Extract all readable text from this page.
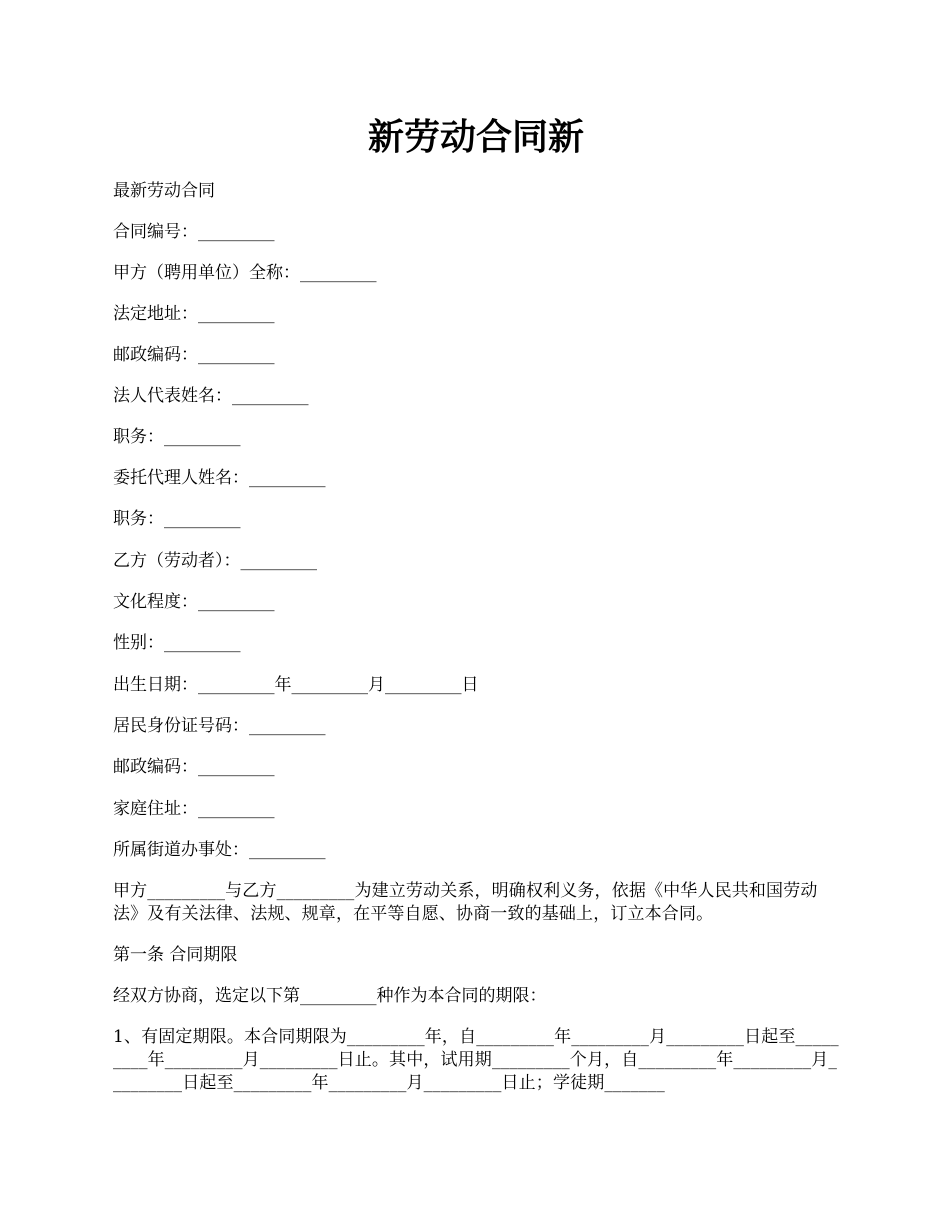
新劳动合同新

最新劳动合同

合同编号：_________

甲方（聘用单位）全称：_________

法定地址：_________

邮政编码：_________

法人代表姓名：_________

职务：_________

委托代理人姓名：_________

职务：_________

乙方（劳动者）：_________

文化程度：_________

性别：_________

出生日期：_________年_________月_________日

居民身份证号码：_________

邮政编码：_________

家庭住址：_________

所属街道办事处：_________

甲方_________与乙方_________为建立劳动关系，明确权利义务，依据《中华人民共和国劳动法》及有关法律、法规、规章，在平等自愿、协商一致的基础上，订立本合同。

第一条 合同期限

经双方协商，选定以下第_________种作为本合同的期限：

1、有固定期限。本合同期限为_________年，自_________年_________月_________日起至_________年_________月_________日止。其中，试用期_________个月，自_________年_________月_________日起至_________年_________月_________日止；学徒期_______
